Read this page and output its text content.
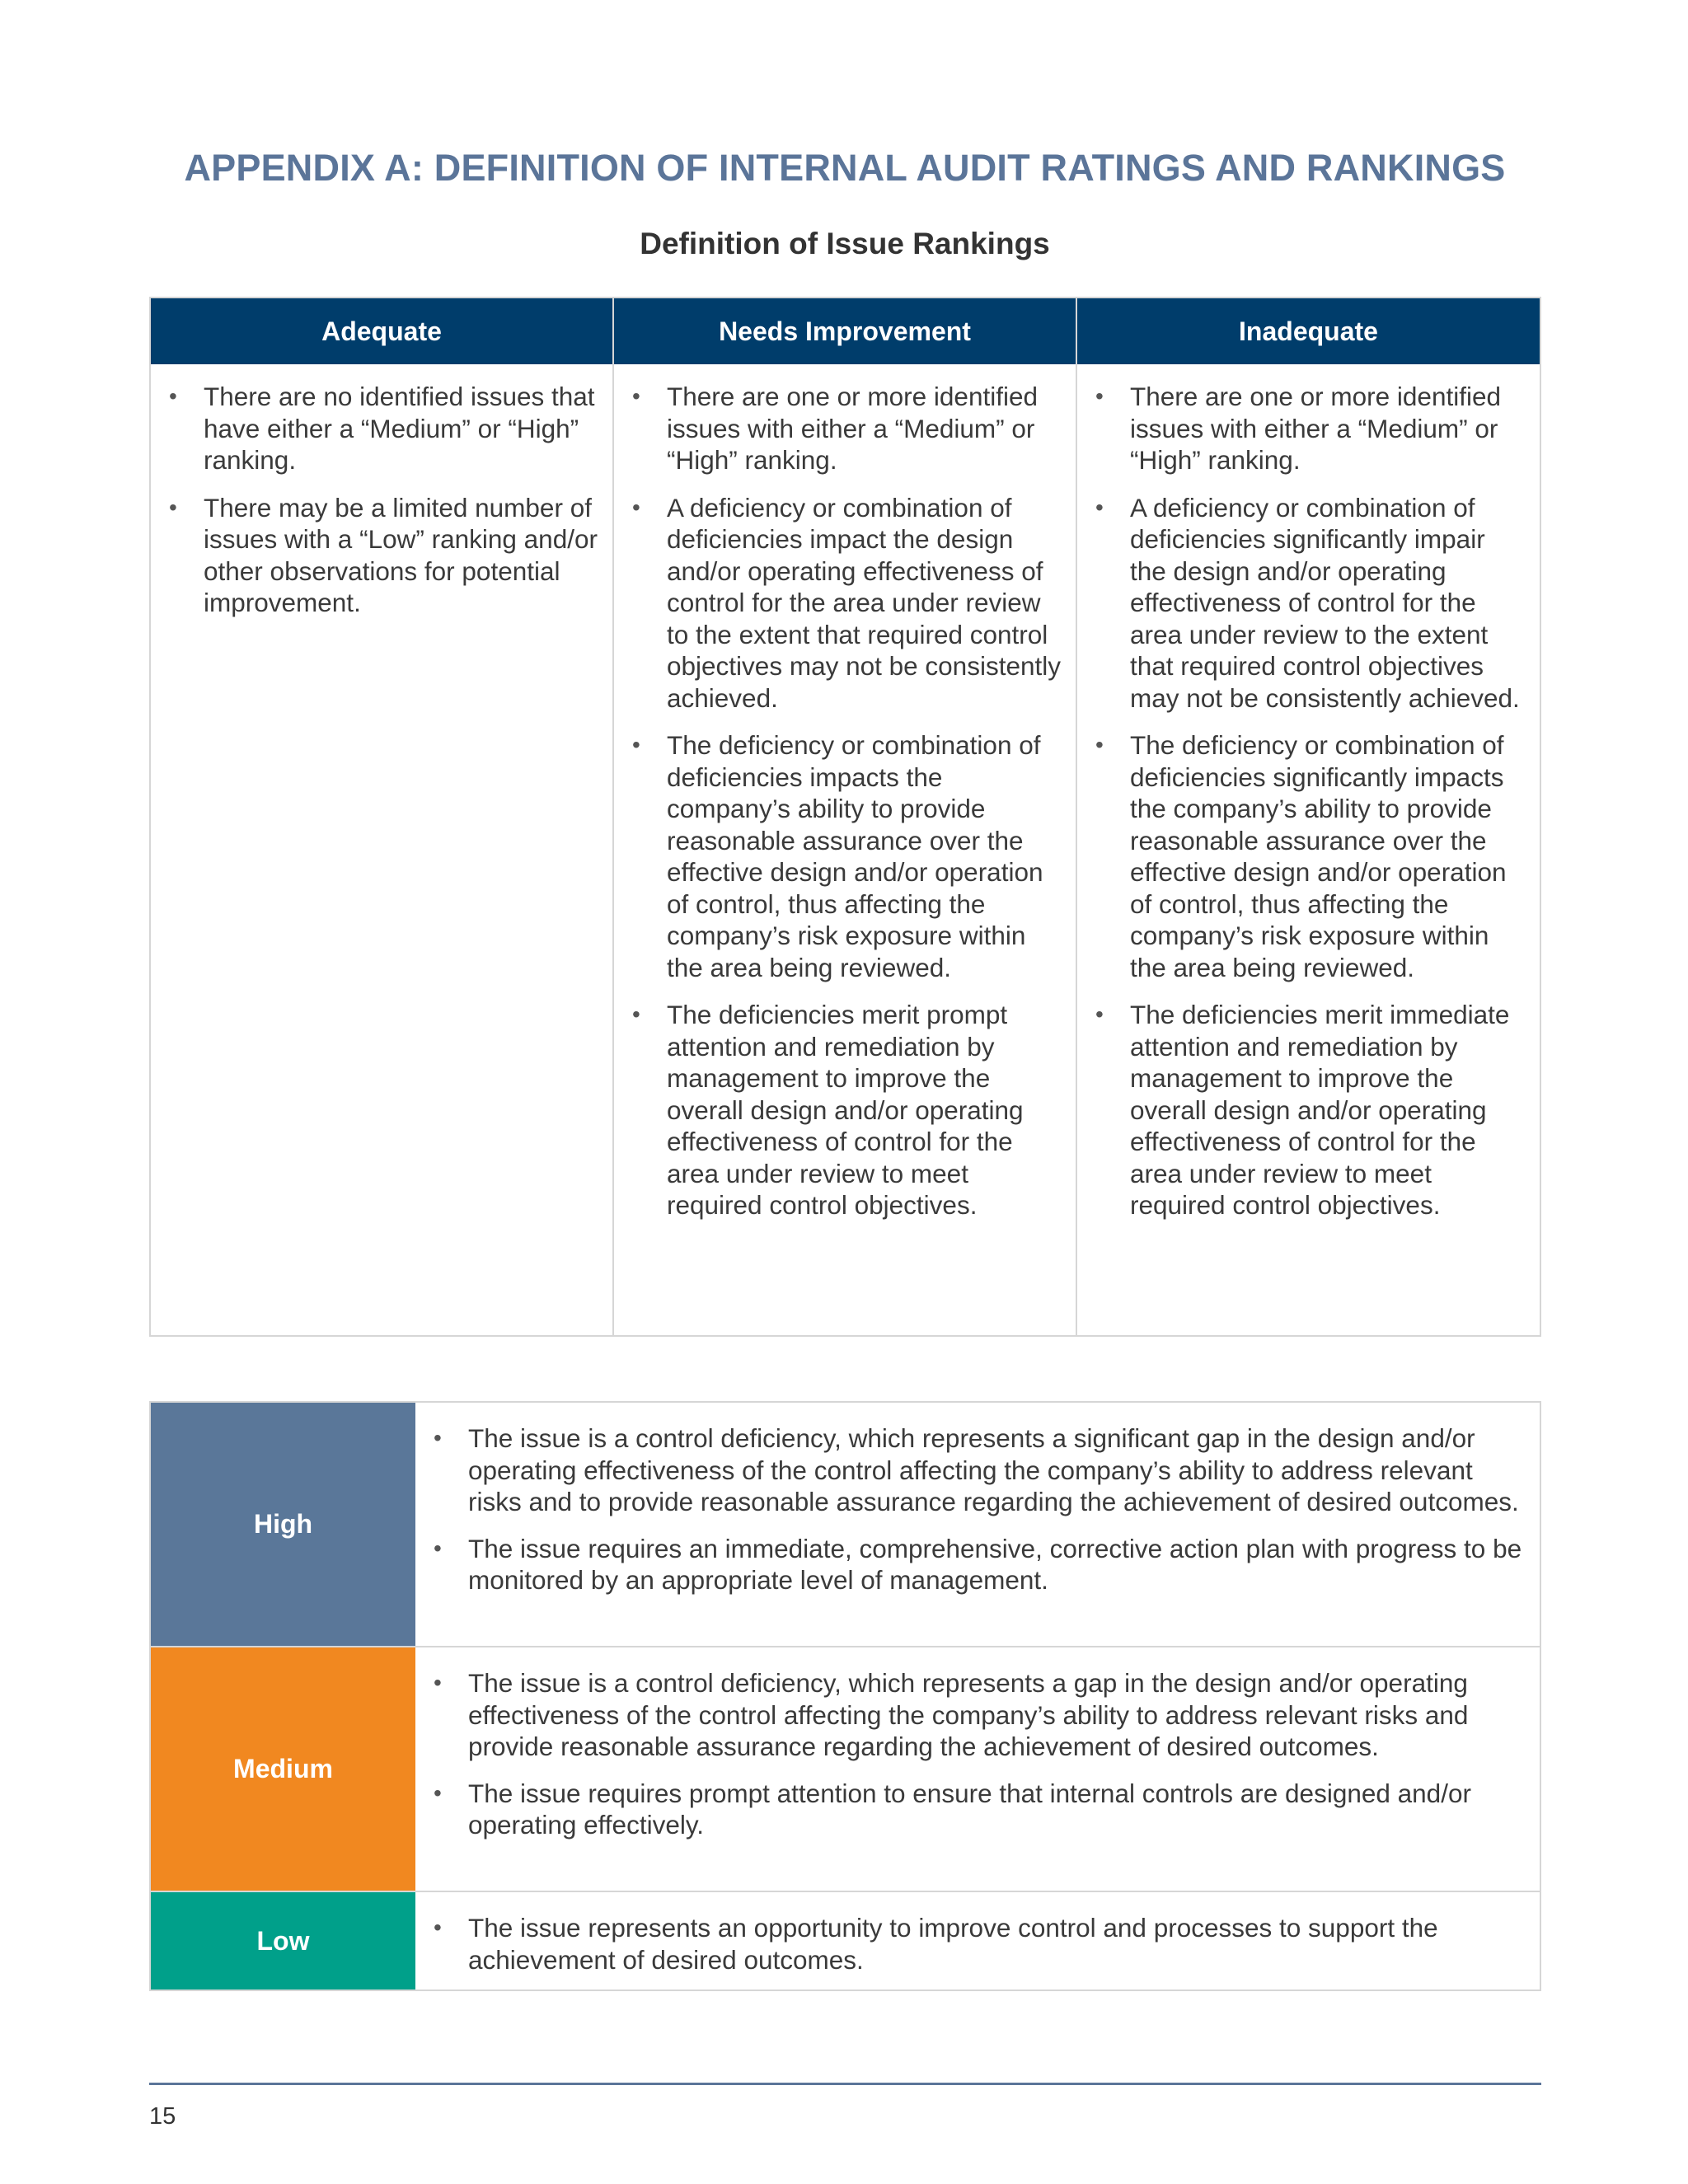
APPENDIX A: DEFINITION OF INTERNAL AUDIT RATINGS AND RANKINGS
Definition of Issue Rankings
Adequate	Needs Improvement	Inadequate
• There are no identified issues that have either a “Medium” or “High” ranking.
• There may be a limited number of issues with a “Low” ranking and/or other observations for potential improvement.
• There are one or more identified issues with either a “Medium” or “High” ranking.
• A deficiency or combination of deficiencies impact the design and/or operating effectiveness of control for the area under review to the extent that required control objectives may not be consistently achieved.
• The deficiency or combination of deficiencies impacts the company’s ability to provide reasonable assurance over the effective design and/or operation of control, thus affecting the company’s risk exposure within the area being reviewed.
• The deficiencies merit prompt attention and remediation by management to improve the overall design and/or operating effectiveness of control for the area under review to meet required control objectives.
• There are one or more identified issues with either a “Medium” or “High” ranking.
• A deficiency or combination of deficiencies significantly impair the design and/or operating effectiveness of control for the area under review to the extent that required control objectives may not be consistently achieved.
• The deficiency or combination of deficiencies significantly impacts the company’s ability to provide reasonable assurance over the effective design and/or operation of control, thus affecting the company’s risk exposure within the area being reviewed.
• The deficiencies merit immediate attention and remediation by management to improve the overall design and/or operating effectiveness of control for the area under review to meet required control objectives.
High
• The issue is a control deficiency, which represents a significant gap in the design and/or operating effectiveness of the control affecting the company’s ability to address relevant risks and to provide reasonable assurance regarding the achievement of desired outcomes.
• The issue requires an immediate, comprehensive, corrective action plan with progress to be monitored by an appropriate level of management.
Medium
• The issue is a control deficiency, which represents a gap in the design and/or operating effectiveness of the control affecting the company’s ability to address relevant risks and provide reasonable assurance regarding the achievement of desired outcomes.
• The issue requires prompt attention to ensure that internal controls are designed and/or operating effectively.
Low
•	The issue represents an opportunity to improve control and processes to support the achievement of desired outcomes.
15
